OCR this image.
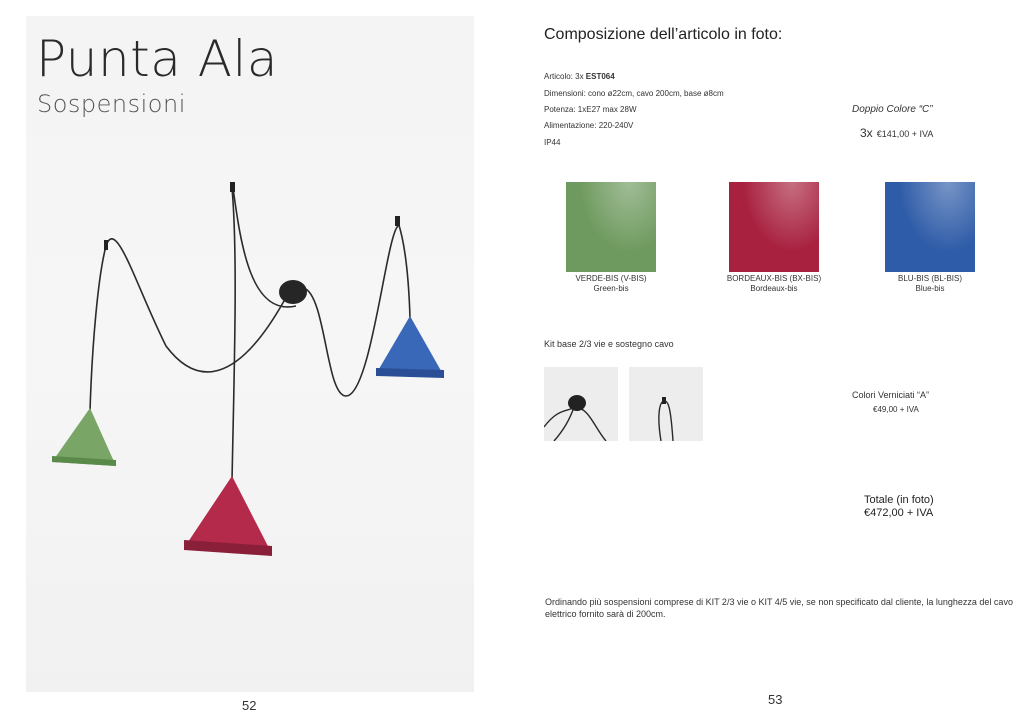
Punta Ala
Sospensioni
52
Composizione dell’articolo in foto:
Articolo: 3x EST064
Dimensioni: cono ø22cm, cavo 200cm, base ø8cm
Potenza: 1xE27 max 28W
Alimentazione: 220-240V
IP44
Doppio Colore “C”
3x €141,00 + IVA
VERDE-BIS (V-BIS)
Green-bis
BORDEAUX-BIS (BX-BIS)
Bordeaux-bis
BLU-BIS (BL-BIS)
Blue-bis
Kit base 2/3 vie e sostegno cavo
Colori Verniciati “A”
€49,00 + IVA
Totale (in foto)
€472,00 + IVA
Ordinando più sospensioni comprese di KIT 2/3 vie o KIT 4/5 vie, se non specificato dal cliente, la lunghezza del cavo elettrico fornito sarà di 200cm.
53
